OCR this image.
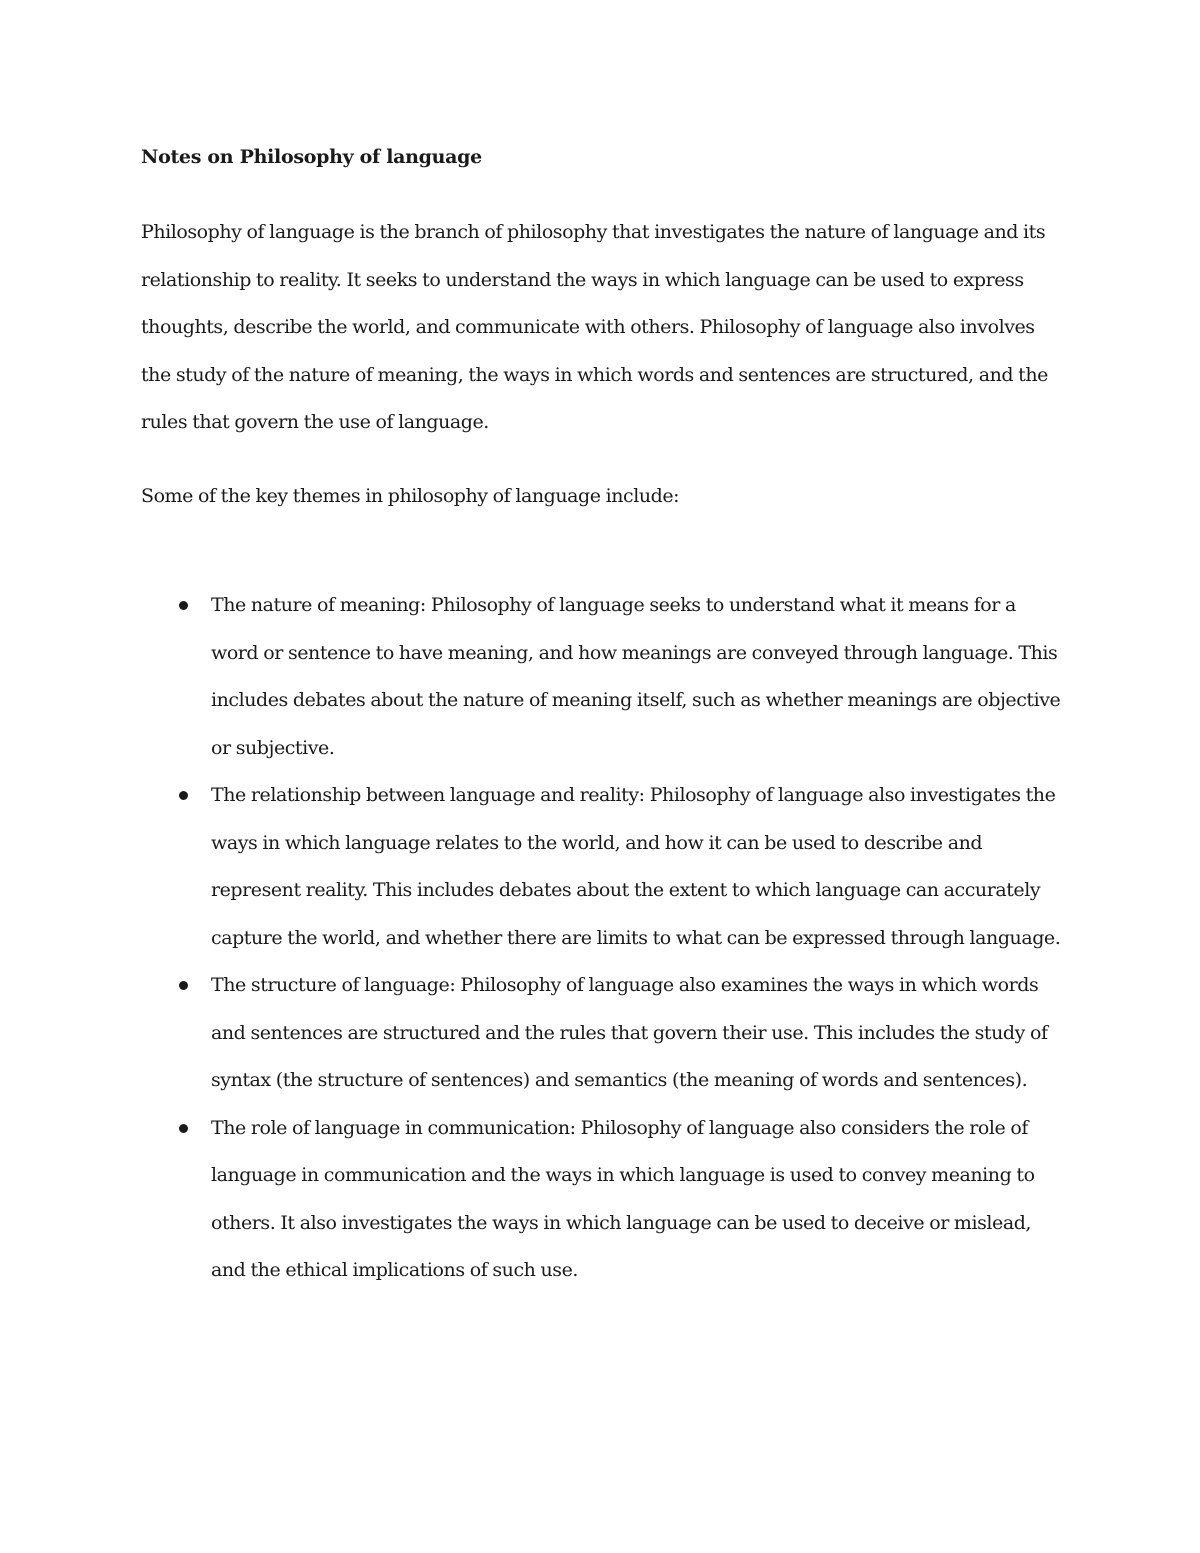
Notes on Philosophy of language

Philosophy of language is the branch of philosophy that investigates the nature of language and its relationship to reality. It seeks to understand the ways in which language can be used to express thoughts, describe the world, and communicate with others. Philosophy of language also involves the study of the nature of meaning, the ways in which words and sentences are structured, and the rules that govern the use of language.

Some of the key themes in philosophy of language include:

The nature of meaning: Philosophy of language seeks to understand what it means for a word or sentence to have meaning, and how meanings are conveyed through language. This includes debates about the nature of meaning itself, such as whether meanings are objective or subjective.
The relationship between language and reality: Philosophy of language also investigates the ways in which language relates to the world, and how it can be used to describe and represent reality. This includes debates about the extent to which language can accurately capture the world, and whether there are limits to what can be expressed through language.
The structure of language: Philosophy of language also examines the ways in which words and sentences are structured and the rules that govern their use. This includes the study of syntax (the structure of sentences) and semantics (the meaning of words and sentences).
The role of language in communication: Philosophy of language also considers the role of language in communication and the ways in which language is used to convey meaning to others. It also investigates the ways in which language can be used to deceive or mislead, and the ethical implications of such use.
